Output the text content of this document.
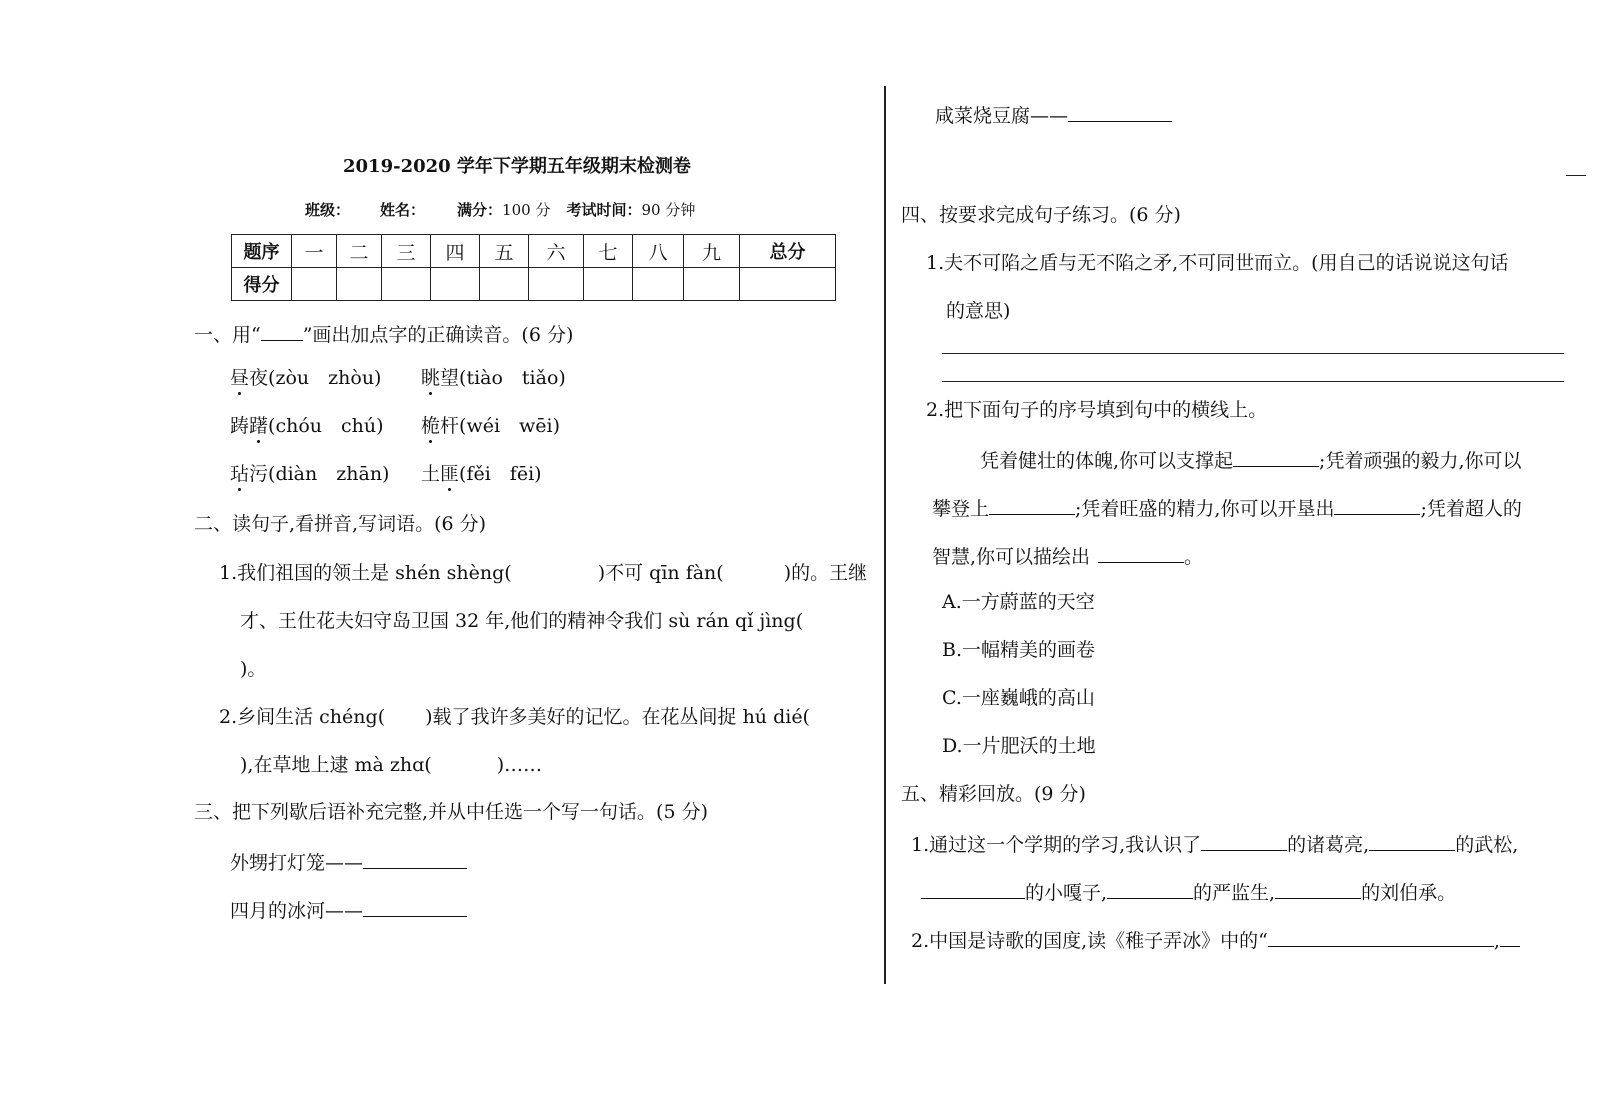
2019-2020 学年下学期五年级期末检测卷
班级： 姓名： 满分：100 分 考试时间：90 分钟
题序	一	二	三	四	五	六	七	八	九	总分
得分										
一、用“ ”画出加点字的正确读音。(6 分)
昼夜(zòu　zhòu) 眺望(tiào　tiǎo)
踌躇(chóu　chú) 桅杆(wéi　wēi)
玷污(diàn　zhān) 土匪(fěi　fēi)
二、读句子,看拼音,写词语。(6 分)
1.我们祖国的领土是 shén shèng(	)不可 qīn fàn(	)的。王继
才、王仕花夫妇守岛卫国 32 年,他们的精神令我们 sù rán qǐ jìng(
)。
2.乡间生活 chéng( )载了我许多美好的记忆。在花丛间捉 hú dié(
),在草地上逮 mà zhɑ(	)……
三、把下列歇后语补充完整,并从中任选一个写一句话。(5 分)
外甥打灯笼——
四月的冰河——
咸菜烧豆腐——
四、按要求完成句子练习。(6 分)
1.夫不可陷之盾与无不陷之矛,不可同世而立。(用自己的话说说这句话
的意思)
2.把下面句子的序号填到句中的横线上。
凭着健壮的体魄,你可以支撑起	;凭着顽强的毅力,你可以
攀登上	;凭着旺盛的精力,你可以开垦出	;凭着超人的
智慧,你可以描绘出	。
A.一方蔚蓝的天空
B.一幅精美的画卷
C.一座巍峨的高山
D.一片肥沃的土地
五、精彩回放。(9 分)
1.通过这一个学期的学习,我认识了	的诸葛亮,	的武松,
的小嘎子,	的严监生,	的刘伯承。
2.中国是诗歌的国度,读《稚子弄冰》中的“	,
